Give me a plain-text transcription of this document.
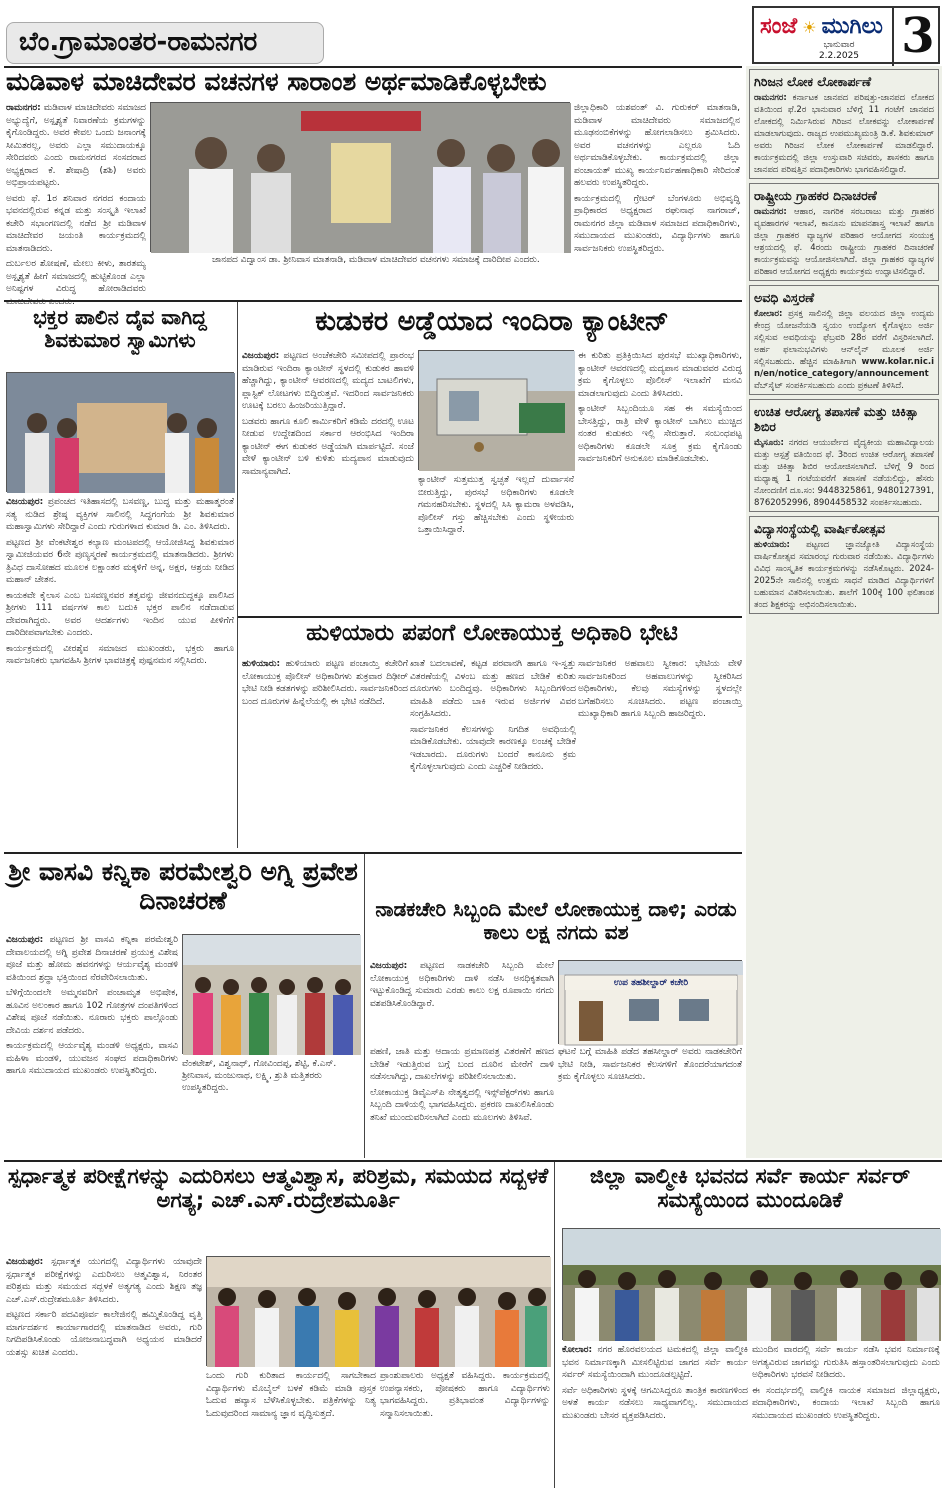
ಬೆಂ.ಗ್ರಾಮಾಂತರ-ರಾಮನಗರ
ಸಂಜೆ ☀ ಮುಗಿಲು
ಭಾನುವಾರ
2.2.2025 3
ಮಡಿವಾಳ ಮಾಚಿದೇವರ ವಚನಗಳ ಸಾರಾಂಶ ಅರ್ಥಮಾಡಿಕೊಳ್ಳಬೇಕು

ರಾಮನಗರ: ಮಡಿವಾಳ ಮಾಚಿದೇವರು ಸಮಾಜದ ಅಭ್ಯುದ್ಯೆಗೆ, ಅಸ್ಪೃಶ್ಯತೆ ನಿವಾರಣೆಯ ಕ್ರಮಗಳನ್ನು ಕೈಗೊಂಡಿದ್ದರು. ಅವರ ಕೇವಲ ಒಂದು ಜನಾಂಗಕ್ಕೆ ಸೀಮಿತರಲ್ಲ, ಅವರು ಎಲ್ಲಾ ಸಮುದಾಯಕ್ಕೂ ಸೇರಿದವರು ಎಂದು ರಾಮನಗರದ ಸಂಸದರಾದ ಅಭ್ಯಕ್ಷರಾದ ಕೆ. ಶೇಷಾದ್ರಿ (ಶಶಿ) ಅವರು ಅಭಿಪ್ರಾಯಪಟ್ಟರು.

ಅವರು ಫೆ. 1ರ ಶನಿವಾರ ನಗರದ ಕಂದಾಯ ಭವನದಲ್ಲಿರುವ ಕನ್ನಡ ಮತ್ತು ಸಂಸ್ಕೃತಿ ಇಲಾಖೆ ಕಚೇರಿ ಸಭಾಂಗಣದಲ್ಲಿ ನಡೆದ ಶ್ರೀ ಮಡಿವಾಳ ಮಾಚಿದೇವರ ಜಯಂತಿ ಕಾರ್ಯಕ್ರಮದಲ್ಲಿ ಮಾತನಾಡಿದರು.

ದುರ್ಬಲರ ಶೋಷಣೆ, ಮೇಲು ಕೀಳು, ತಾರತಮ್ಯ ಅಸ್ಪೃಶ್ಯತೆ ಹೀಗೆ ಸಮಾಜದಲ್ಲಿ ಹುಟ್ಟಿಕೊಂಡ ಎಲ್ಲಾ ಅನಿಷ್ಟಗಳ ವಿರುದ್ಧ ಹೋರಾಡಿದವರು ಮಾಚಿದೇವರು ಎಂದರು.

ಜಾನಪದ ವಿದ್ವಾಂಸ ಡಾ. ಶ್ರೀನಿವಾಸ ಮಾತನಾಡಿ, ಮಡಿವಾಳ ಮಾಚಿದೇವರ ವಚನಗಳು ಸಮಾಜಕ್ಕೆ ದಾರಿದೀಪ ಎಂದರು.

ಜಿಲ್ಲಾಧಿಕಾರಿ ಯಶವಂತ್ ವಿ. ಗುರುಕರ್ ಮಾತನಾಡಿ, ಮಡಿವಾಳ ಮಾಚಿದೇವರು ಸಮಾಜದಲ್ಲಿನ ಮೂಢನಂಬಿಕೆಗಳನ್ನು ಹೋಗಲಾಡಿಸಲು ಶ್ರಮಿಸಿದರು. ಅವರ ವಚನಗಳನ್ನು ಎಲ್ಲರೂ ಓದಿ ಅರ್ಥಮಾಡಿಕೊಳ್ಳಬೇಕು. ಕಾರ್ಯಕ್ರಮದಲ್ಲಿ ಜಿಲ್ಲಾ ಪಂಚಾಯತ್ ಮುಖ್ಯ ಕಾರ್ಯನಿರ್ವಹಣಾಧಿಕಾರಿ ಸೇರಿದಂತೆ ಹಲವರು ಉಪಸ್ಥಿತರಿದ್ದರು.

ಕಾರ್ಯಕ್ರಮದಲ್ಲಿ ಗ್ರೇಟರ್ ಬೆಂಗಳೂರು ಅಭಿವೃದ್ಧಿ ಪ್ರಾಧಿಕಾರದ ಅಧ್ಯಕ್ಷರಾದ ರಘುನಾಥ ನಾಗರಾಜ್, ರಾಮನಗರ ಜಿಲ್ಲಾ ಮಡಿವಾಳ ಸಮಾಜದ ಪದಾಧಿಕಾರಿಗಳು, ಸಮುದಾಯದ ಮುಖಂಡರು, ವಿದ್ಯಾರ್ಥಿಗಳು ಹಾಗೂ ಸಾರ್ವಜನಿಕರು ಉಪಸ್ಥಿತರಿದ್ದರು.

ಗಿರಿಜನ ಲೋಕ ಲೋಕಾರ್ಪಣೆ
ರಾಮನಗರ: ಕರ್ನಾಟಕ ಜಾನಪದ ಪರಿಷತ್ತು-ಜಾನಪದ ಲೋಕದ ವತಿಯಿಂದ ಫೆ.2ರ ಭಾನುವಾರ ಬೆಳಿಗ್ಗೆ 11 ಗಂಟೆಗೆ ಜಾನಪದ ಲೋಕದಲ್ಲಿ ನಿರ್ಮಿಸಿರುವ ಗಿರಿಜನ ಲೋಕವನ್ನು ಲೋಕಾರ್ಪಣೆ ಮಾಡಲಾಗುವುದು. ರಾಜ್ಯದ ಉಪಮುಖ್ಯಮಂತ್ರಿ ಡಿ.ಕೆ. ಶಿವಕುಮಾರ್ ಅವರು ಗಿರಿಜನ ಲೋಕ ಲೋಕಾರ್ಪಣೆ ಮಾಡಲಿದ್ದಾರೆ. ಕಾರ್ಯಕ್ರಮದಲ್ಲಿ ಜಿಲ್ಲಾ ಉಸ್ತುವಾರಿ ಸಚಿವರು, ಶಾಸಕರು ಹಾಗೂ ಜಾನಪದ ಪರಿಷತ್ತಿನ ಪದಾಧಿಕಾರಿಗಳು ಭಾಗವಹಿಸಲಿದ್ದಾರೆ.
ರಾಷ್ಟ್ರೀಯ ಗ್ರಾಹಕರ ದಿನಾಚರಣೆ
ರಾಮನಗರ: ಆಹಾರ, ನಾಗರಿಕ ಸರಬರಾಜು ಮತ್ತು ಗ್ರಾಹಕರ ವ್ಯವಹಾರಗಳ ಇಲಾಖೆ, ಕಾನೂನು ಮಾಪನಶಾಸ್ತ್ರ ಇಲಾಖೆ ಹಾಗೂ ಜಿಲ್ಲಾ ಗ್ರಾಹಕರ ವ್ಯಾಜ್ಯಗಳ ಪರಿಹಾರ ಆಯೋಗದ ಸಂಯುಕ್ತ ಆಶ್ರಯದಲ್ಲಿ ಫೆ. 4ರಂದು ರಾಷ್ಟ್ರೀಯ ಗ್ರಾಹಕರ ದಿನಾಚರಣೆ ಕಾರ್ಯಕ್ರಮವನ್ನು ಆಯೋಜಿಸಲಾಗಿದೆ. ಜಿಲ್ಲಾ ಗ್ರಾಹಕರ ವ್ಯಾಜ್ಯಗಳ ಪರಿಹಾರ ಆಯೋಗದ ಅಧ್ಯಕ್ಷರು ಕಾರ್ಯಕ್ರಮ ಉದ್ಘಾಟಿಸಲಿದ್ದಾರೆ.
ಅವಧಿ ವಿಸ್ತರಣೆ
ಕೋಲಾರ: ಪ್ರಸಕ್ತ ಸಾಲಿನಲ್ಲಿ ಜಿಲ್ಲಾ ವಲಯದ ಜಿಲ್ಲಾ ಉದ್ಯಮ ಕೇಂದ್ರ ಯೋಜನೆಯಡಿ ಸ್ವಯಂ ಉದ್ಯೋಗ ಕೈಗೊಳ್ಳಲು ಅರ್ಜಿ ಸಲ್ಲಿಸುವ ಅವಧಿಯನ್ನು ಫೆಬ್ರವರಿ 28ರ ವರೆಗೆ ವಿಸ್ತರಿಸಲಾಗಿದೆ. ಅರ್ಹ ಫಲಾನುಭವಿಗಳು ಆನ್‌ಲೈನ್ ಮೂಲಕ ಅರ್ಜಿ ಸಲ್ಲಿಸಬಹುದು. ಹೆಚ್ಚಿನ ಮಾಹಿತಿಗಾಗಿ www.kolar.nic.in/en/notice_category/announcement ವೆಬ್‌ಸೈಟ್ ಸಂಪರ್ಕಿಸಬಹುದು ಎಂದು ಪ್ರಕಟಣೆ ತಿಳಿಸಿದೆ.
ಉಚಿತ ಆರೋಗ್ಯ ತಪಾಸಣೆ ಮತ್ತು ಚಿಕಿತ್ಸಾ ಶಿಬಿರ
ಮೈಸೂರು: ನಗರದ ಆಯುರ್ವೇದ ವೈದ್ಯಕೀಯ ಮಹಾವಿದ್ಯಾಲಯ ಮತ್ತು ಆಸ್ಪತ್ರೆ ವತಿಯಿಂದ ಫೆ. 3ರಿಂದ ಉಚಿತ ಆರೋಗ್ಯ ತಪಾಸಣೆ ಮತ್ತು ಚಿಕಿತ್ಸಾ ಶಿಬಿರ ಆಯೋಜಿಸಲಾಗಿದೆ. ಬೆಳಿಗ್ಗೆ 9 ರಿಂದ ಮಧ್ಯಾಹ್ನ 1 ಗಂಟೆಯವರೆಗೆ ತಪಾಸಣೆ ನಡೆಯಲಿದ್ದು, ಹೆಸರು ನೋಂದಣಿಗೆ ದೂ.ಸಂ: 9448325861, 9480127391, 8762052996, 8904458532 ಸಂಪರ್ಕಿಸಬಹುದು.
ವಿದ್ಯಾಸಂಸ್ಥೆಯಲ್ಲಿ ವಾರ್ಷಿಕೋತ್ಸವ
ಹುಳಿಯಾರು: ಪಟ್ಟಣದ ಜ್ಞಾನಜ್ಯೋತಿ ವಿದ್ಯಾಸಂಸ್ಥೆಯ ವಾರ್ಷಿಕೋತ್ಸವ ಸಮಾರಂಭ ಗುರುವಾರ ನಡೆಯಿತು. ವಿದ್ಯಾರ್ಥಿಗಳು ವಿವಿಧ ಸಾಂಸ್ಕೃತಿಕ ಕಾರ್ಯಕ್ರಮಗಳನ್ನು ನಡೆಸಿಕೊಟ್ಟರು. 2024-2025ನೇ ಸಾಲಿನಲ್ಲಿ ಉತ್ತಮ ಸಾಧನೆ ಮಾಡಿದ ವಿದ್ಯಾರ್ಥಿಗಳಿಗೆ ಬಹುಮಾನ ವಿತರಿಸಲಾಯಿತು. ಶಾಲೆಗೆ 100ಕ್ಕೆ 100 ಫಲಿತಾಂಶ ತಂದ ಶಿಕ್ಷಕರನ್ನು ಅಭಿನಂದಿಸಲಾಯಿತು.
ಭಕ್ತರ ಪಾಲಿನ ದೈವ ವಾಗಿದ್ದ ಶಿವಕುಮಾರ ಸ್ವಾಮಿಗಳು

ವಿಜಯಪುರ: ಪ್ರಪಂಚದ ಇತಿಹಾಸದಲ್ಲಿ ಬಸವಣ್ಣ, ಬುದ್ಧ ಮತ್ತು ಮಹಾತ್ಮರಂತೆ ಸತ್ಯ ನುಡಿದ ಶ್ರೇಷ್ಠ ವ್ಯಕ್ತಿಗಳ ಸಾಲಿನಲ್ಲಿ ಸಿದ್ಧಗಂಗೆಯ ಶ್ರೀ ಶಿವಕುಮಾರ ಮಹಾಸ್ವಾಮಿಗಳು ಸೇರಿದ್ದಾರೆ ಎಂದು ಗುರುಗಳಾದ ಕುಮಾರ ಡಿ. ಎಂ. ತಿಳಿಸಿದರು.

ಪಟ್ಟಣದ ಶ್ರೀ ವೆಂಕಟೇಶ್ವರ ಕಲ್ಯಾಣ ಮಂಟಪದಲ್ಲಿ ಆಯೋಜಿಸಿದ್ದ ಶಿವಕುಮಾರ ಸ್ವಾಮೀಜಿಯವರ 6ನೇ ಪುಣ್ಯಸ್ಮರಣೆ ಕಾರ್ಯಕ್ರಮದಲ್ಲಿ ಮಾತನಾಡಿದರು. ಶ್ರೀಗಳು ತ್ರಿವಿಧ ದಾಸೋಹದ ಮೂಲಕ ಲಕ್ಷಾಂತರ ಮಕ್ಕಳಿಗೆ ಅನ್ನ, ಅಕ್ಷರ, ಆಶ್ರಯ ನೀಡಿದ ಮಹಾನ್ ಚೇತನ.

ಕಾಯಕವೇ ಕೈಲಾಸ ಎಂಬ ಬಸವಣ್ಣನವರ ತತ್ವವನ್ನು ಜೀವನದುದ್ದಕ್ಕೂ ಪಾಲಿಸಿದ ಶ್ರೀಗಳು 111 ವರ್ಷಗಳ ಕಾಲ ಬದುಕಿ ಭಕ್ತರ ಪಾಲಿನ ನಡೆದಾಡುವ ದೇವರಾಗಿದ್ದರು. ಅವರ ಆದರ್ಶಗಳು ಇಂದಿನ ಯುವ ಪೀಳಿಗೆಗೆ ದಾರಿದೀಪವಾಗಬೇಕು ಎಂದರು.

ಕಾರ್ಯಕ್ರಮದಲ್ಲಿ ವೀರಶೈವ ಸಮಾಜದ ಮುಖಂಡರು, ಭಕ್ತರು ಹಾಗೂ ಸಾರ್ವಜನಿಕರು ಭಾಗವಹಿಸಿ ಶ್ರೀಗಳ ಭಾವಚಿತ್ರಕ್ಕೆ ಪುಷ್ಪನಮನ ಸಲ್ಲಿಸಿದರು.

ಕುಡುಕರ ಅಡ್ಡೆಯಾದ ಇಂದಿರಾ ಕ್ಯಾಂಟೀನ್

ವಿಜಯಪುರ: ಪಟ್ಟಣದ ಅಂಚೆಕಚೇರಿ ಸಮೀಪದಲ್ಲಿ ಪ್ರಾರಂಭ ಮಾಡಿರುವ ಇಂದಿರಾ ಕ್ಯಾಂಟೀನ್ ಸ್ಥಳದಲ್ಲಿ ಕುಡುಕರ ಹಾವಳಿ ಹೆಚ್ಚಾಗಿದ್ದು, ಕ್ಯಾಂಟೀನ್ ಆವರಣದಲ್ಲಿ ಮದ್ಯದ ಬಾಟಲಿಗಳು, ಪ್ಲಾಸ್ಟಿಕ್ ಲೋಟಗಳು ಬಿದ್ದಿರುತ್ತವೆ. ಇದರಿಂದ ಸಾರ್ವಜನಿಕರು ಊಟಕ್ಕೆ ಬರಲು ಹಿಂಜರಿಯುತ್ತಿದ್ದಾರೆ.

ಬಡವರು ಹಾಗೂ ಕೂಲಿ ಕಾರ್ಮಿಕರಿಗೆ ಕಡಿಮೆ ದರದಲ್ಲಿ ಊಟ ನೀಡುವ ಉದ್ದೇಶದಿಂದ ಸರ್ಕಾರ ಆರಂಭಿಸಿದ ಇಂದಿರಾ ಕ್ಯಾಂಟೀನ್ ಈಗ ಕುಡುಕರ ಅಡ್ಡೆಯಾಗಿ ಮಾರ್ಪಟ್ಟಿದೆ. ಸಂಜೆ ವೇಳೆ ಕ್ಯಾಂಟೀನ್ ಬಳಿ ಕುಳಿತು ಮದ್ಯಪಾನ ಮಾಡುವುದು ಸಾಮಾನ್ಯವಾಗಿದೆ.

ಕ್ಯಾಂಟೀನ್ ಸುತ್ತಮುತ್ತ ಸ್ವಚ್ಛತೆ ಇಲ್ಲದೆ ದುರ್ವಾಸನೆ ಬೀರುತ್ತಿದ್ದು, ಪುರಸಭೆ ಅಧಿಕಾರಿಗಳು ಕೂಡಲೇ ಗಮನಹರಿಸಬೇಕು. ಸ್ಥಳದಲ್ಲಿ ಸಿಸಿ ಕ್ಯಾಮರಾ ಅಳವಡಿಸಿ, ಪೊಲೀಸ್ ಗಸ್ತು ಹೆಚ್ಚಿಸಬೇಕು ಎಂದು ಸ್ಥಳೀಯರು ಒತ್ತಾಯಿಸಿದ್ದಾರೆ.

ಈ ಕುರಿತು ಪ್ರತಿಕ್ರಿಯಿಸಿದ ಪುರಸಭೆ ಮುಖ್ಯಾಧಿಕಾರಿಗಳು, ಕ್ಯಾಂಟೀನ್ ಆವರಣದಲ್ಲಿ ಮದ್ಯಪಾನ ಮಾಡುವವರ ವಿರುದ್ಧ ಕ್ರಮ ಕೈಗೊಳ್ಳಲು ಪೊಲೀಸ್ ಇಲಾಖೆಗೆ ಮನವಿ ಮಾಡಲಾಗುವುದು ಎಂದು ತಿಳಿಸಿದರು.

ಕ್ಯಾಂಟೀನ್ ಸಿಬ್ಬಂದಿಯೂ ಸಹ ಈ ಸಮಸ್ಯೆಯಿಂದ ಬೇಸತ್ತಿದ್ದು, ರಾತ್ರಿ ವೇಳೆ ಕ್ಯಾಂಟೀನ್ ಬಾಗಿಲು ಮುಚ್ಚಿದ ನಂತರ ಕುಡುಕರು ಇಲ್ಲಿ ಸೇರುತ್ತಾರೆ. ಸಂಬಂಧಪಟ್ಟ ಅಧಿಕಾರಿಗಳು ಕೂಡಲೇ ಸೂಕ್ತ ಕ್ರಮ ಕೈಗೊಂಡು ಸಾರ್ವಜನಿಕರಿಗೆ ಅನುಕೂಲ ಮಾಡಿಕೊಡಬೇಕು.

ಹುಳಿಯಾರು ಪಪಂಗೆ ಲೋಕಾಯುಕ್ತ ಅಧಿಕಾರಿ ಭೇಟಿ

ಹುಳಿಯಾರು: ಹುಳಿಯಾರು ಪಟ್ಟಣ ಪಂಚಾಯ್ತಿ ಕಚೇರಿಗೆ ಲೋಕಾಯುಕ್ತ ಪೊಲೀಸ್ ಅಧಿಕಾರಿಗಳು ಶುಕ್ರವಾರ ದಿಢೀರ್ ಭೇಟಿ ನೀಡಿ ಕಡತಗಳನ್ನು ಪರಿಶೀಲಿಸಿದರು. ಸಾರ್ವಜನಿಕರಿಂದ ಬಂದ ದೂರುಗಳ ಹಿನ್ನೆಲೆಯಲ್ಲಿ ಈ ಭೇಟಿ ನಡೆದಿದೆ.

ಖಾತೆ ಬದಲಾವಣೆ, ಕಟ್ಟಡ ಪರವಾನಗಿ ಹಾಗೂ ಇ-ಸ್ವತ್ತು ವಿತರಣೆಯಲ್ಲಿ ವಿಳಂಬ ಮತ್ತು ಹಣದ ಬೇಡಿಕೆ ಕುರಿತು ದೂರುಗಳು ಬಂದಿದ್ದವು. ಅಧಿಕಾರಿಗಳು ಸಿಬ್ಬಂದಿಗಳಿಂದ ಮಾಹಿತಿ ಪಡೆದು ಬಾಕಿ ಇರುವ ಅರ್ಜಿಗಳ ವಿವರ ಸಂಗ್ರಹಿಸಿದರು.

ಸಾರ್ವಜನಿಕರ ಕೆಲಸಗಳನ್ನು ನಿಗದಿತ ಅವಧಿಯಲ್ಲಿ ಮಾಡಿಕೊಡಬೇಕು. ಯಾವುದೇ ಕಾರಣಕ್ಕೂ ಲಂಚಕ್ಕೆ ಬೇಡಿಕೆ ಇಡಬಾರದು. ದೂರುಗಳು ಬಂದರೆ ಕಾನೂನು ಕ್ರಮ ಕೈಗೊಳ್ಳಲಾಗುವುದು ಎಂದು ಎಚ್ಚರಿಕೆ ನೀಡಿದರು.

ಸಾರ್ವಜನಿಕರ ಅಹವಾಲು ಸ್ವೀಕಾರ: ಭೇಟಿಯ ವೇಳೆ ಸಾರ್ವಜನಿಕರಿಂದ ಅಹವಾಲುಗಳನ್ನು ಸ್ವೀಕರಿಸಿದ ಅಧಿಕಾರಿಗಳು, ಕೆಲವು ಸಮಸ್ಯೆಗಳನ್ನು ಸ್ಥಳದಲ್ಲೇ ಬಗೆಹರಿಸಲು ಸೂಚಿಸಿದರು. ಪಟ್ಟಣ ಪಂಚಾಯ್ತಿ ಮುಖ್ಯಾಧಿಕಾರಿ ಹಾಗೂ ಸಿಬ್ಬಂದಿ ಹಾಜರಿದ್ದರು.

ಶ್ರೀ ವಾಸವಿ ಕನ್ನಿಕಾ ಪರಮೇಶ್ವರಿ ಅಗ್ನಿ ಪ್ರವೇಶ ದಿನಾಚರಣೆ

ವಿಜಯಪುರ: ಪಟ್ಟಣದ ಶ್ರೀ ವಾಸವಿ ಕನ್ನಿಕಾ ಪರಮೇಶ್ವರಿ ದೇವಾಲಯದಲ್ಲಿ ಅಗ್ನಿ ಪ್ರವೇಶ ದಿನಾಚರಣೆ ಪ್ರಯುಕ್ತ ವಿಶೇಷ ಪೂಜೆ ಮತ್ತು ಹೋಮ ಹವನಗಳನ್ನು ಆರ್ಯವೈಶ್ಯ ಮಂಡಳಿ ವತಿಯಿಂದ ಶ್ರದ್ಧಾ ಭಕ್ತಿಯಿಂದ ನೆರವೇರಿಸಲಾಯಿತು.

ಬೆಳಿಗ್ಗೆಯಿಂದಲೇ ಅಮ್ಮನವರಿಗೆ ಪಂಚಾಮೃತ ಅಭಿಷೇಕ, ಹೂವಿನ ಅಲಂಕಾರ ಹಾಗೂ 102 ಗೋತ್ರಗಳ ದಂಪತಿಗಳಿಂದ ವಿಶೇಷ ಪೂಜೆ ನಡೆಯಿತು. ನೂರಾರು ಭಕ್ತರು ಪಾಲ್ಗೊಂಡು ದೇವಿಯ ದರ್ಶನ ಪಡೆದರು.

ಕಾರ್ಯಕ್ರಮದಲ್ಲಿ ಆರ್ಯವೈಶ್ಯ ಮಂಡಳಿ ಅಧ್ಯಕ್ಷರು, ವಾಸವಿ ಮಹಿಳಾ ಮಂಡಳಿ, ಯುವಜನ ಸಂಘದ ಪದಾಧಿಕಾರಿಗಳು ಹಾಗೂ ಸಮುದಾಯದ ಮುಖಂಡರು ಉಪಸ್ಥಿತರಿದ್ದರು.

ವೆಂಕಟೇಶ್, ವಿಶ್ವನಾಥ್, ಗೋವಿಂದಪ್ಪ, ಶೆಟ್ಟಿ, ಕೆ.ಎನ್. ಶ್ರೀನಿವಾಸ, ಮಂಜುನಾಥ, ಲಕ್ಷ್ಮಿ, ಶ್ರುತಿ ಮತ್ತಿತರರು ಉಪಸ್ಥಿತರಿದ್ದರು.
ನಾಡಕಚೇರಿ ಸಿಬ್ಬಂದಿ ಮೇಲೆ ಲೋಕಾಯುಕ್ತ ದಾಳಿ; ಎರಡು ಕಾಲು ಲಕ್ಷ ನಗದು ವಶ

ವಿಜಯಪುರ: ಪಟ್ಟಣದ ನಾಡಕಚೇರಿ ಸಿಬ್ಬಂದಿ ಮೇಲೆ ಲೋಕಾಯುಕ್ತ ಅಧಿಕಾರಿಗಳು ದಾಳಿ ನಡೆಸಿ ಅನಧಿಕೃತವಾಗಿ ಇಟ್ಟುಕೊಂಡಿದ್ದ ಸುಮಾರು ಎರಡು ಕಾಲು ಲಕ್ಷ ರೂಪಾಯಿ ನಗದು ವಶಪಡಿಸಿಕೊಂಡಿದ್ದಾರೆ.

ಉಪ ತಹಶೀಲ್ದಾರ್ ಕಚೇರಿ

ಪಹಣಿ, ಜಾತಿ ಮತ್ತು ಆದಾಯ ಪ್ರಮಾಣಪತ್ರ ವಿತರಣೆಗೆ ಹಣದ ಬೇಡಿಕೆ ಇಡುತ್ತಿರುವ ಬಗ್ಗೆ ಬಂದ ದೂರಿನ ಮೇರೆಗೆ ದಾಳಿ ನಡೆಸಲಾಗಿದ್ದು, ದಾಖಲೆಗಳನ್ನು ಪರಿಶೀಲಿಸಲಾಯಿತು.

ಲೋಕಾಯುಕ್ತ ಡಿವೈಎಸ್‌ಪಿ ನೇತೃತ್ವದಲ್ಲಿ ಇನ್ಸ್‌ಪೆಕ್ಟರ್‌ಗಳು ಹಾಗೂ ಸಿಬ್ಬಂದಿ ದಾಳಿಯಲ್ಲಿ ಭಾಗವಹಿಸಿದ್ದರು. ಪ್ರಕರಣ ದಾಖಲಿಸಿಕೊಂಡು ತನಿಖೆ ಮುಂದುವರಿಸಲಾಗಿದೆ ಎಂದು ಮೂಲಗಳು ತಿಳಿಸಿವೆ.

ಘಟನೆ ಬಗ್ಗೆ ಮಾಹಿತಿ ಪಡೆದ ತಹಸೀಲ್ದಾರ್ ಅವರು ನಾಡಕಚೇರಿಗೆ ಭೇಟಿ ನೀಡಿ, ಸಾರ್ವಜನಿಕರ ಕೆಲಸಗಳಿಗೆ ತೊಂದರೆಯಾಗದಂತೆ ಕ್ರಮ ಕೈಗೊಳ್ಳಲು ಸೂಚಿಸಿದರು.

ಸ್ಪರ್ಧಾತ್ಮಕ ಪರೀಕ್ಷೆಗಳನ್ನು ಎದುರಿಸಲು ಆತ್ಮವಿಶ್ವಾಸ, ಪರಿಶ್ರಮ, ಸಮಯದ ಸದ್ಬಳಕೆ ಅಗತ್ಯ; ಎಚ್.ಎಸ್.ರುದ್ರೇಶಮೂರ್ತಿ

ವಿಜಯಪುರ: ಸ್ಪರ್ಧಾತ್ಮಕ ಯುಗದಲ್ಲಿ ವಿದ್ಯಾರ್ಥಿಗಳು ಯಾವುದೇ ಸ್ಪರ್ಧಾತ್ಮಕ ಪರೀಕ್ಷೆಗಳನ್ನು ಎದುರಿಸಲು ಆತ್ಮವಿಶ್ವಾಸ, ನಿರಂತರ ಪರಿಶ್ರಮ ಮತ್ತು ಸಮಯದ ಸದ್ಬಳಕೆ ಅತ್ಯಗತ್ಯ ಎಂದು ಶಿಕ್ಷಣ ತಜ್ಞ ಎಚ್.ಎಸ್.ರುದ್ರೇಶಮೂರ್ತಿ ತಿಳಿಸಿದರು.

ಪಟ್ಟಣದ ಸರ್ಕಾರಿ ಪದವಿಪೂರ್ವ ಕಾಲೇಜಿನಲ್ಲಿ ಹಮ್ಮಿಕೊಂಡಿದ್ದ ವೃತ್ತಿ ಮಾರ್ಗದರ್ಶನ ಕಾರ್ಯಾಗಾರದಲ್ಲಿ ಮಾತನಾಡಿದ ಅವರು, ಗುರಿ ನಿಗದಿಪಡಿಸಿಕೊಂಡು ಯೋಜನಾಬದ್ಧವಾಗಿ ಅಧ್ಯಯನ ಮಾಡಿದರೆ ಯಶಸ್ಸು ಖಚಿತ ಎಂದರು.

ಒಂದು ಗುರಿ ಕುರಿತಾದ ಕಾರ್ಯದಲ್ಲಿ ಸಾಗಬೇಕಾದ ವಿದ್ಯಾರ್ಥಿಗಳು ಮೊಬೈಲ್ ಬಳಕೆ ಕಡಿಮೆ ಮಾಡಿ ಪುಸ್ತಕ ಓದುವ ಹವ್ಯಾಸ ಬೆಳೆಸಿಕೊಳ್ಳಬೇಕು. ಪತ್ರಿಕೆಗಳನ್ನು ನಿತ್ಯ ಓದುವುದರಿಂದ ಸಾಮಾನ್ಯ ಜ್ಞಾನ ವೃದ್ಧಿಸುತ್ತದೆ.

ಪ್ರಾಂಶುಪಾಲರು ಅಧ್ಯಕ್ಷತೆ ವಹಿಸಿದ್ದರು. ಕಾರ್ಯಕ್ರಮದಲ್ಲಿ ಉಪನ್ಯಾಸಕರು, ಪೋಷಕರು ಹಾಗೂ ವಿದ್ಯಾರ್ಥಿಗಳು ಭಾಗವಹಿಸಿದ್ದರು. ಪ್ರತಿಭಾವಂತ ವಿದ್ಯಾರ್ಥಿಗಳನ್ನು ಸನ್ಮಾನಿಸಲಾಯಿತು.

ಜಿಲ್ಲಾ ವಾಲ್ಮೀಕಿ ಭವನದ ಸರ್ವೆ ಕಾರ್ಯ ಸರ್ವರ್ ಸಮಸ್ಯೆಯಿಂದ ಮುಂದೂಡಿಕೆ

ಕೋಲಾರ: ನಗರ ಹೊರವಲಯದ ಟಮಕದಲ್ಲಿ ಜಿಲ್ಲಾ ವಾಲ್ಮೀಕಿ ಭವನ ನಿರ್ಮಾಣಕ್ಕಾಗಿ ಮೀಸಲಿಟ್ಟಿರುವ ಜಾಗದ ಸರ್ವೆ ಕಾರ್ಯ ಸರ್ವರ್ ಸಮಸ್ಯೆಯಿಂದಾಗಿ ಮುಂದೂಡಲ್ಪಟ್ಟಿದೆ.

ಸರ್ವೆ ಅಧಿಕಾರಿಗಳು ಸ್ಥಳಕ್ಕೆ ಆಗಮಿಸಿದ್ದರೂ ತಾಂತ್ರಿಕ ಕಾರಣಗಳಿಂದ ಅಳತೆ ಕಾರ್ಯ ನಡೆಸಲು ಸಾಧ್ಯವಾಗಲಿಲ್ಲ. ಸಮುದಾಯದ ಮುಖಂಡರು ಬೇಸರ ವ್ಯಕ್ತಪಡಿಸಿದರು.

ಮುಂದಿನ ವಾರದಲ್ಲಿ ಸರ್ವೆ ಕಾರ್ಯ ನಡೆಸಿ ಭವನ ನಿರ್ಮಾಣಕ್ಕೆ ಅಗತ್ಯವಿರುವ ಜಾಗವನ್ನು ಗುರುತಿಸಿ ಹಸ್ತಾಂತರಿಸಲಾಗುವುದು ಎಂದು ಅಧಿಕಾರಿಗಳು ಭರವಸೆ ನೀಡಿದರು.

ಈ ಸಂದರ್ಭದಲ್ಲಿ ವಾಲ್ಮೀಕಿ ನಾಯಕ ಸಮಾಜದ ಜಿಲ್ಲಾಧ್ಯಕ್ಷರು, ಪದಾಧಿಕಾರಿಗಳು, ಕಂದಾಯ ಇಲಾಖೆ ಸಿಬ್ಬಂದಿ ಹಾಗೂ ಸಮುದಾಯದ ಮುಖಂಡರು ಉಪಸ್ಥಿತರಿದ್ದರು.
